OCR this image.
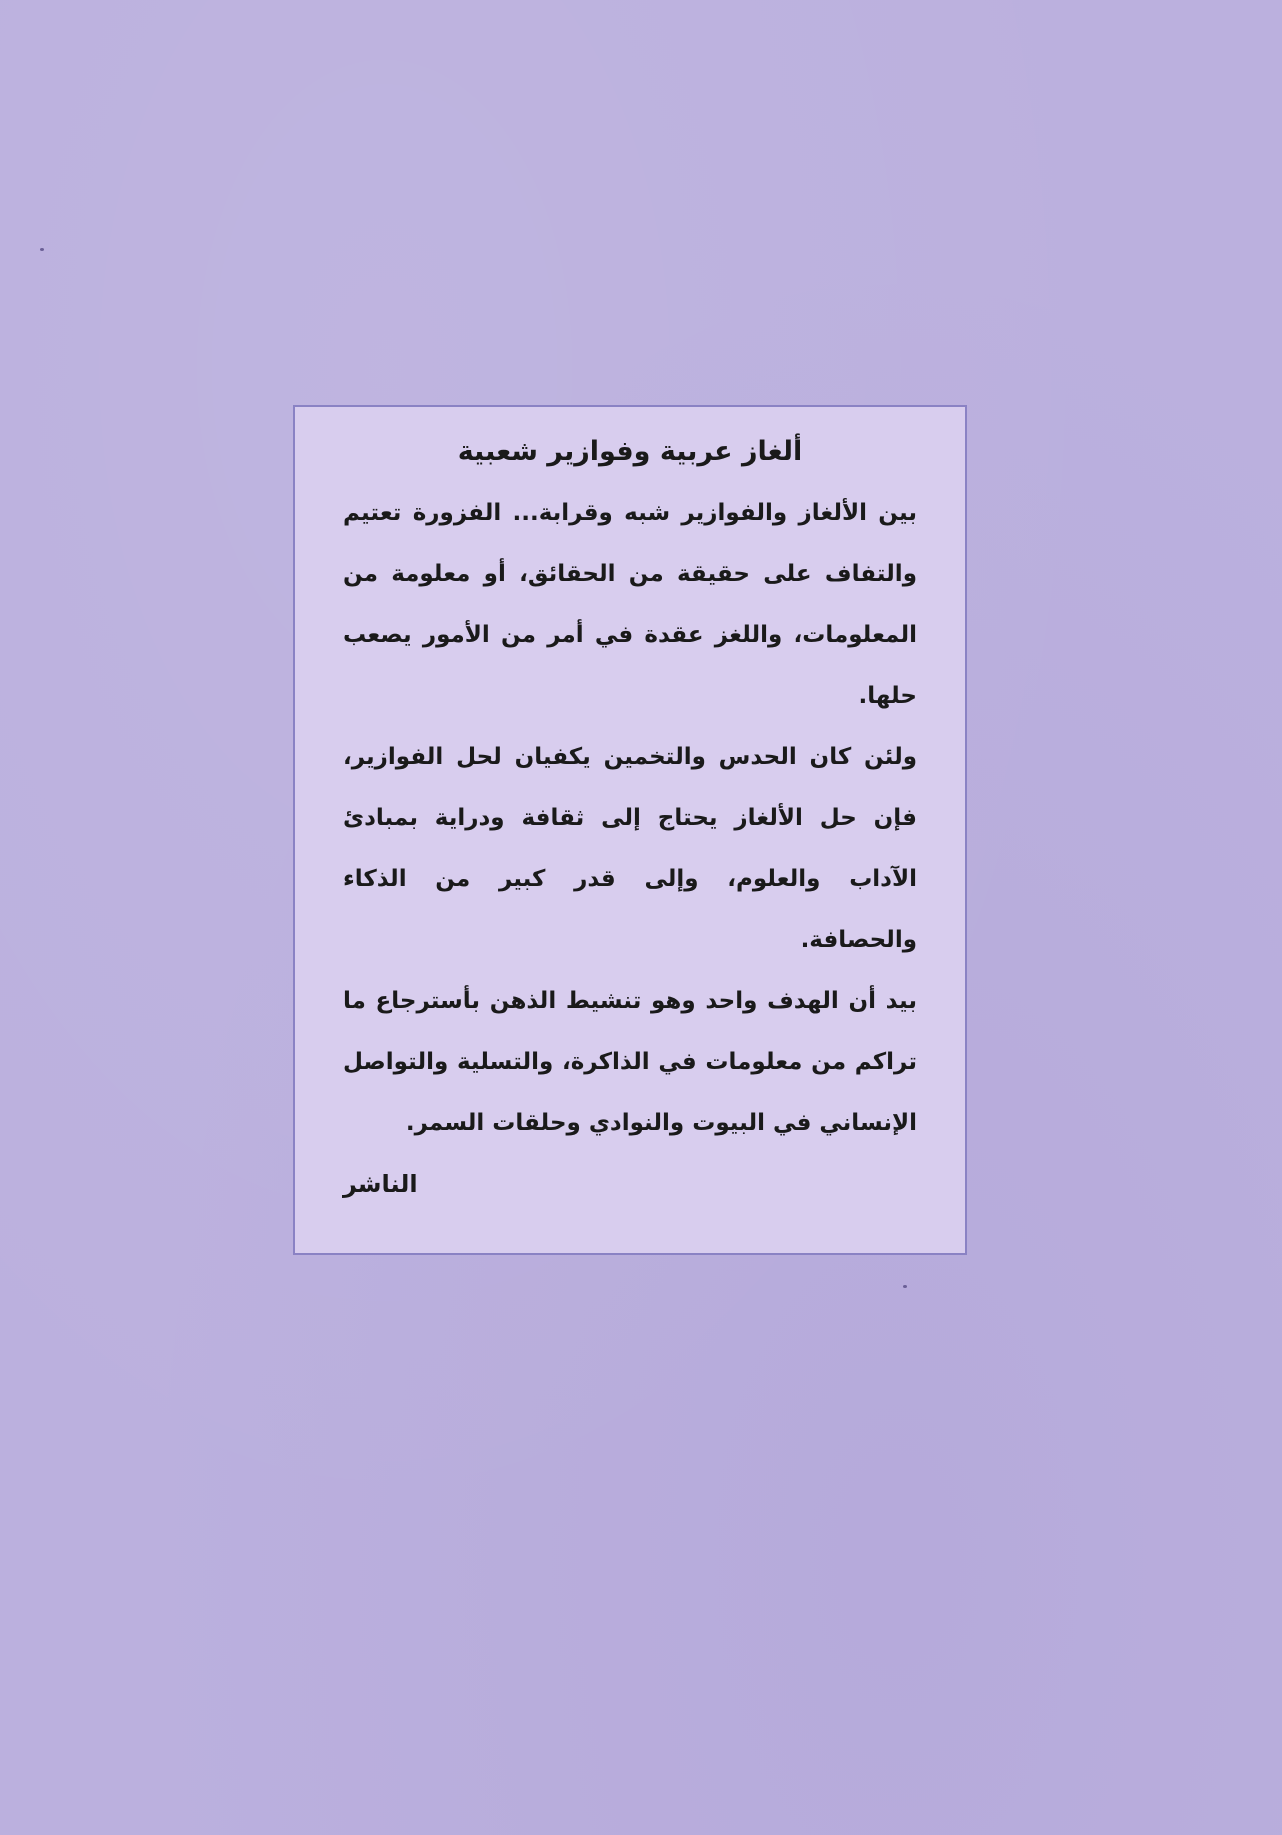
ألغاز عربية وفوازير شعبية

بين الألغاز والفوازير شبه وقرابة... الفزورة تعتيم والتفاف على حقيقة من الحقائق، أو معلومة من المعلومات، واللغز عقدة في أمر من الأمور يصعب حلها.

ولئن كان الحدس والتخمين يكفيان لحل الفوازير، فإن حل الألغاز يحتاج إلى ثقافة ودراية بمبادئ الآداب والعلوم، وإلى قدر كبير من الذكاء والحصافة.

بيد أن الهدف واحد وهو تنشيط الذهن بأسترجاع ما تراكم من معلومات في الذاكرة، والتسلية والتواصل الإنساني في البيوت والنوادي وحلقات السمر.

الناشر
